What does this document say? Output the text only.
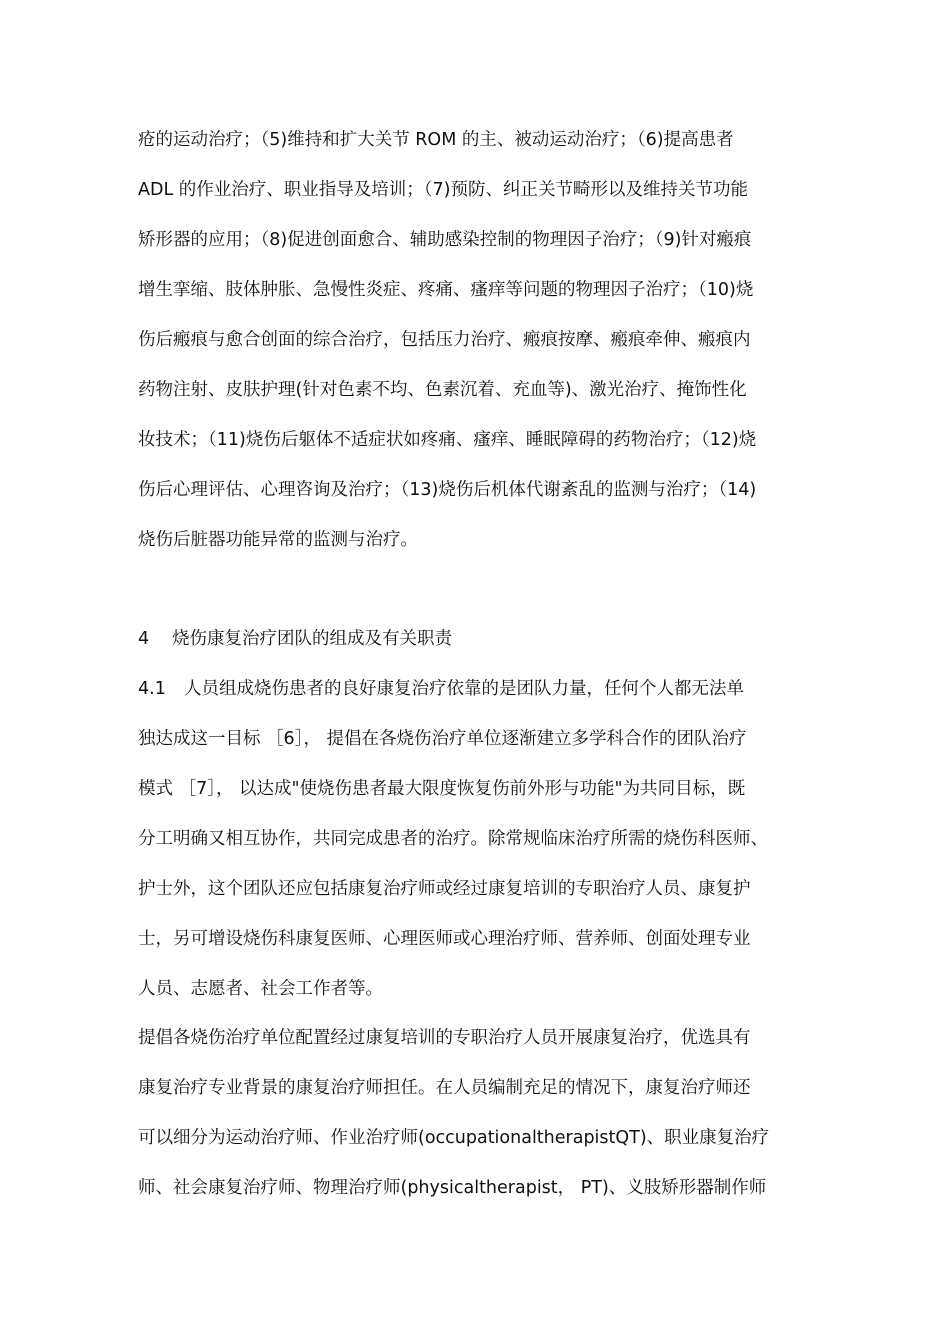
疮的运动治疗；（5)维持和扩大关节 ROM 的主、被动运动治疗；（6)提高患者
ADL 的作业治疗、职业指导及培训；（7)预防、纠正关节畸形以及维持关节功能
矫形器的应用；（8)促进创面愈合、辅助感染控制的物理因子治疗；（9)针对瘢痕
增生挛缩、肢体肿胀、急慢性炎症、疼痛、瘙痒等问题的物理因子治疗；（10)烧
伤后瘢痕与愈合创面的综合治疗，包括压力治疗、瘢痕按摩、瘢痕牵伸、瘢痕内
药物注射、皮肤护理(针对色素不均、色素沉着、充血等)、激光治疗、掩饰性化
妆技术；（11)烧伤后躯体不适症状如疼痛、瘙痒、睡眠障碍的药物治疗；（12)烧
伤后心理评估、心理咨询及治疗；（13)烧伤后机体代谢紊乱的监测与治疗；（14)
烧伤后脏器功能异常的监测与治疗。
4 烧伤康复治疗团队的组成及有关职责
4.1 人员组成烧伤患者的良好康复治疗依靠的是团队力量，任何个人都无法单
独达成这一目标 ［6］， 提倡在各烧伤治疗单位逐渐建立多学科合作的团队治疗
模式 ［7］， 以达成"使烧伤患者最大限度恢复伤前外形与功能"为共同目标，既
分工明确又相互协作，共同完成患者的治疗。除常规临床治疗所需的烧伤科医师、
护士外，这个团队还应包括康复治疗师或经过康复培训的专职治疗人员、康复护
士，另可增设烧伤科康复医师、心理医师或心理治疗师、营养师、创面处理专业
人员、志愿者、社会工作者等。
提倡各烧伤治疗单位配置经过康复培训的专职治疗人员开展康复治疗，优选具有
康复治疗专业背景的康复治疗师担任。在人员编制充足的情况下，康复治疗师还
可以细分为运动治疗师、作业治疗师(occupationaltherapistQT)、职业康复治疗
师、社会康复治疗师、物理治疗师(physicaltherapist， PT)、义肢矫形器制作师
